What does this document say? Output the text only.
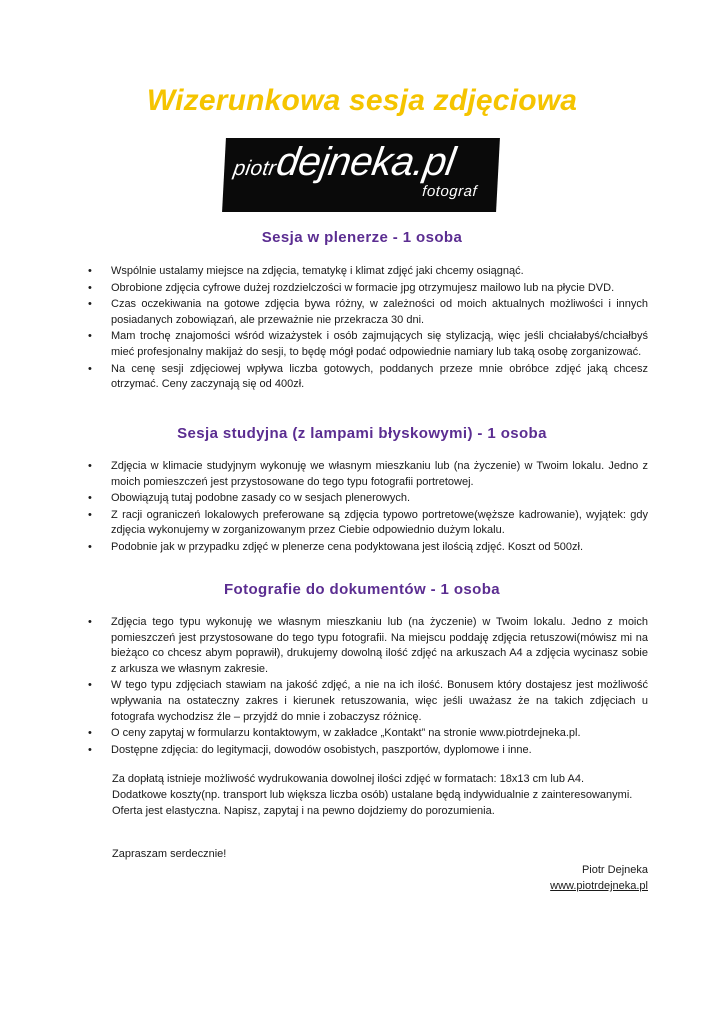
Wizerunkowa sesja zdjęciowa
piotrdejneka.pl
fotograf
Sesja w plenerze - 1 osoba
• Wspólnie ustalamy miejsce na zdjęcia, tematykę i klimat zdjęć jaki chcemy osiągnąć.
• Obrobione zdjęcia cyfrowe dużej rozdzielczości w formacie jpg otrzymujesz mailowo lub na płycie DVD.
• Czas oczekiwania na gotowe zdjęcia bywa różny, w zależności od moich aktualnych możliwości i innych posiadanych zobowiązań, ale przeważnie nie przekracza 30 dni.
• Mam trochę znajomości wśród wizażystek i osób zajmujących się stylizacją, więc jeśli chciałabyś/chciałbyś mieć profesjonalny makijaż do sesji, to będę mógł podać odpowiednie namiary lub taką osobę zorganizować.
• Na cenę sesji zdjęciowej wpływa liczba gotowych, poddanych przeze mnie obróbce zdjęć jaką chcesz otrzymać. Ceny zaczynają się od 400zł.
Sesja studyjna (z lampami błyskowymi) - 1 osoba
• Zdjęcia w klimacie studyjnym wykonuję we własnym mieszkaniu lub (na życzenie) w Twoim lokalu. Jedno z moich pomieszczeń jest przystosowane do tego typu fotografii portretowej.
• Obowiązują tutaj podobne zasady co w sesjach plenerowych.
• Z racji ograniczeń lokalowych preferowane są zdjęcia typowo portretowe(węższe kadrowanie), wyjątek: gdy zdjęcia wykonujemy w zorganizowanym przez Ciebie odpowiednio dużym lokalu.
• Podobnie jak w przypadku zdjęć w plenerze cena podyktowana jest ilością zdjęć. Koszt od 500zł.
Fotografie do dokumentów - 1 osoba
• Zdjęcia tego typu wykonuję we własnym mieszkaniu lub (na życzenie) w Twoim lokalu. Jedno z moich pomieszczeń jest przystosowane do tego typu fotografii. Na miejscu poddaję zdjęcia retuszowi(mówisz mi na bieżąco co chcesz abym poprawił), drukujemy dowolną ilość zdjęć na arkuszach A4 a zdjęcia wycinasz sobie z arkusza we własnym zakresie.
• W tego typu zdjęciach stawiam na jakość zdjęć, a nie na ich ilość. Bonusem który dostajesz jest możliwość wpływania na ostateczny zakres i kierunek retuszowania, więc jeśli uważasz że na takich zdjęciach u fotografa wychodzisz źle – przyjdź do mnie i zobaczysz różnicę.
• O ceny zapytaj w formularzu kontaktowym, w zakładce „Kontakt” na stronie www.piotrdejneka.pl.
• Dostępne zdjęcia: do legitymacji, dowodów osobistych, paszportów, dyplomowe i inne.
Za dopłatą istnieje możliwość wydrukowania dowolnej ilości zdjęć w formatach: 18x13 cm lub A4.
Dodatkowe koszty(np. transport lub większa liczba osób) ustalane będą indywidualnie z zainteresowanymi.
Oferta jest elastyczna. Napisz, zapytaj i na pewno dojdziemy do porozumienia.
Zapraszam serdecznie!
Piotr Dejneka
www.piotrdejneka.pl
